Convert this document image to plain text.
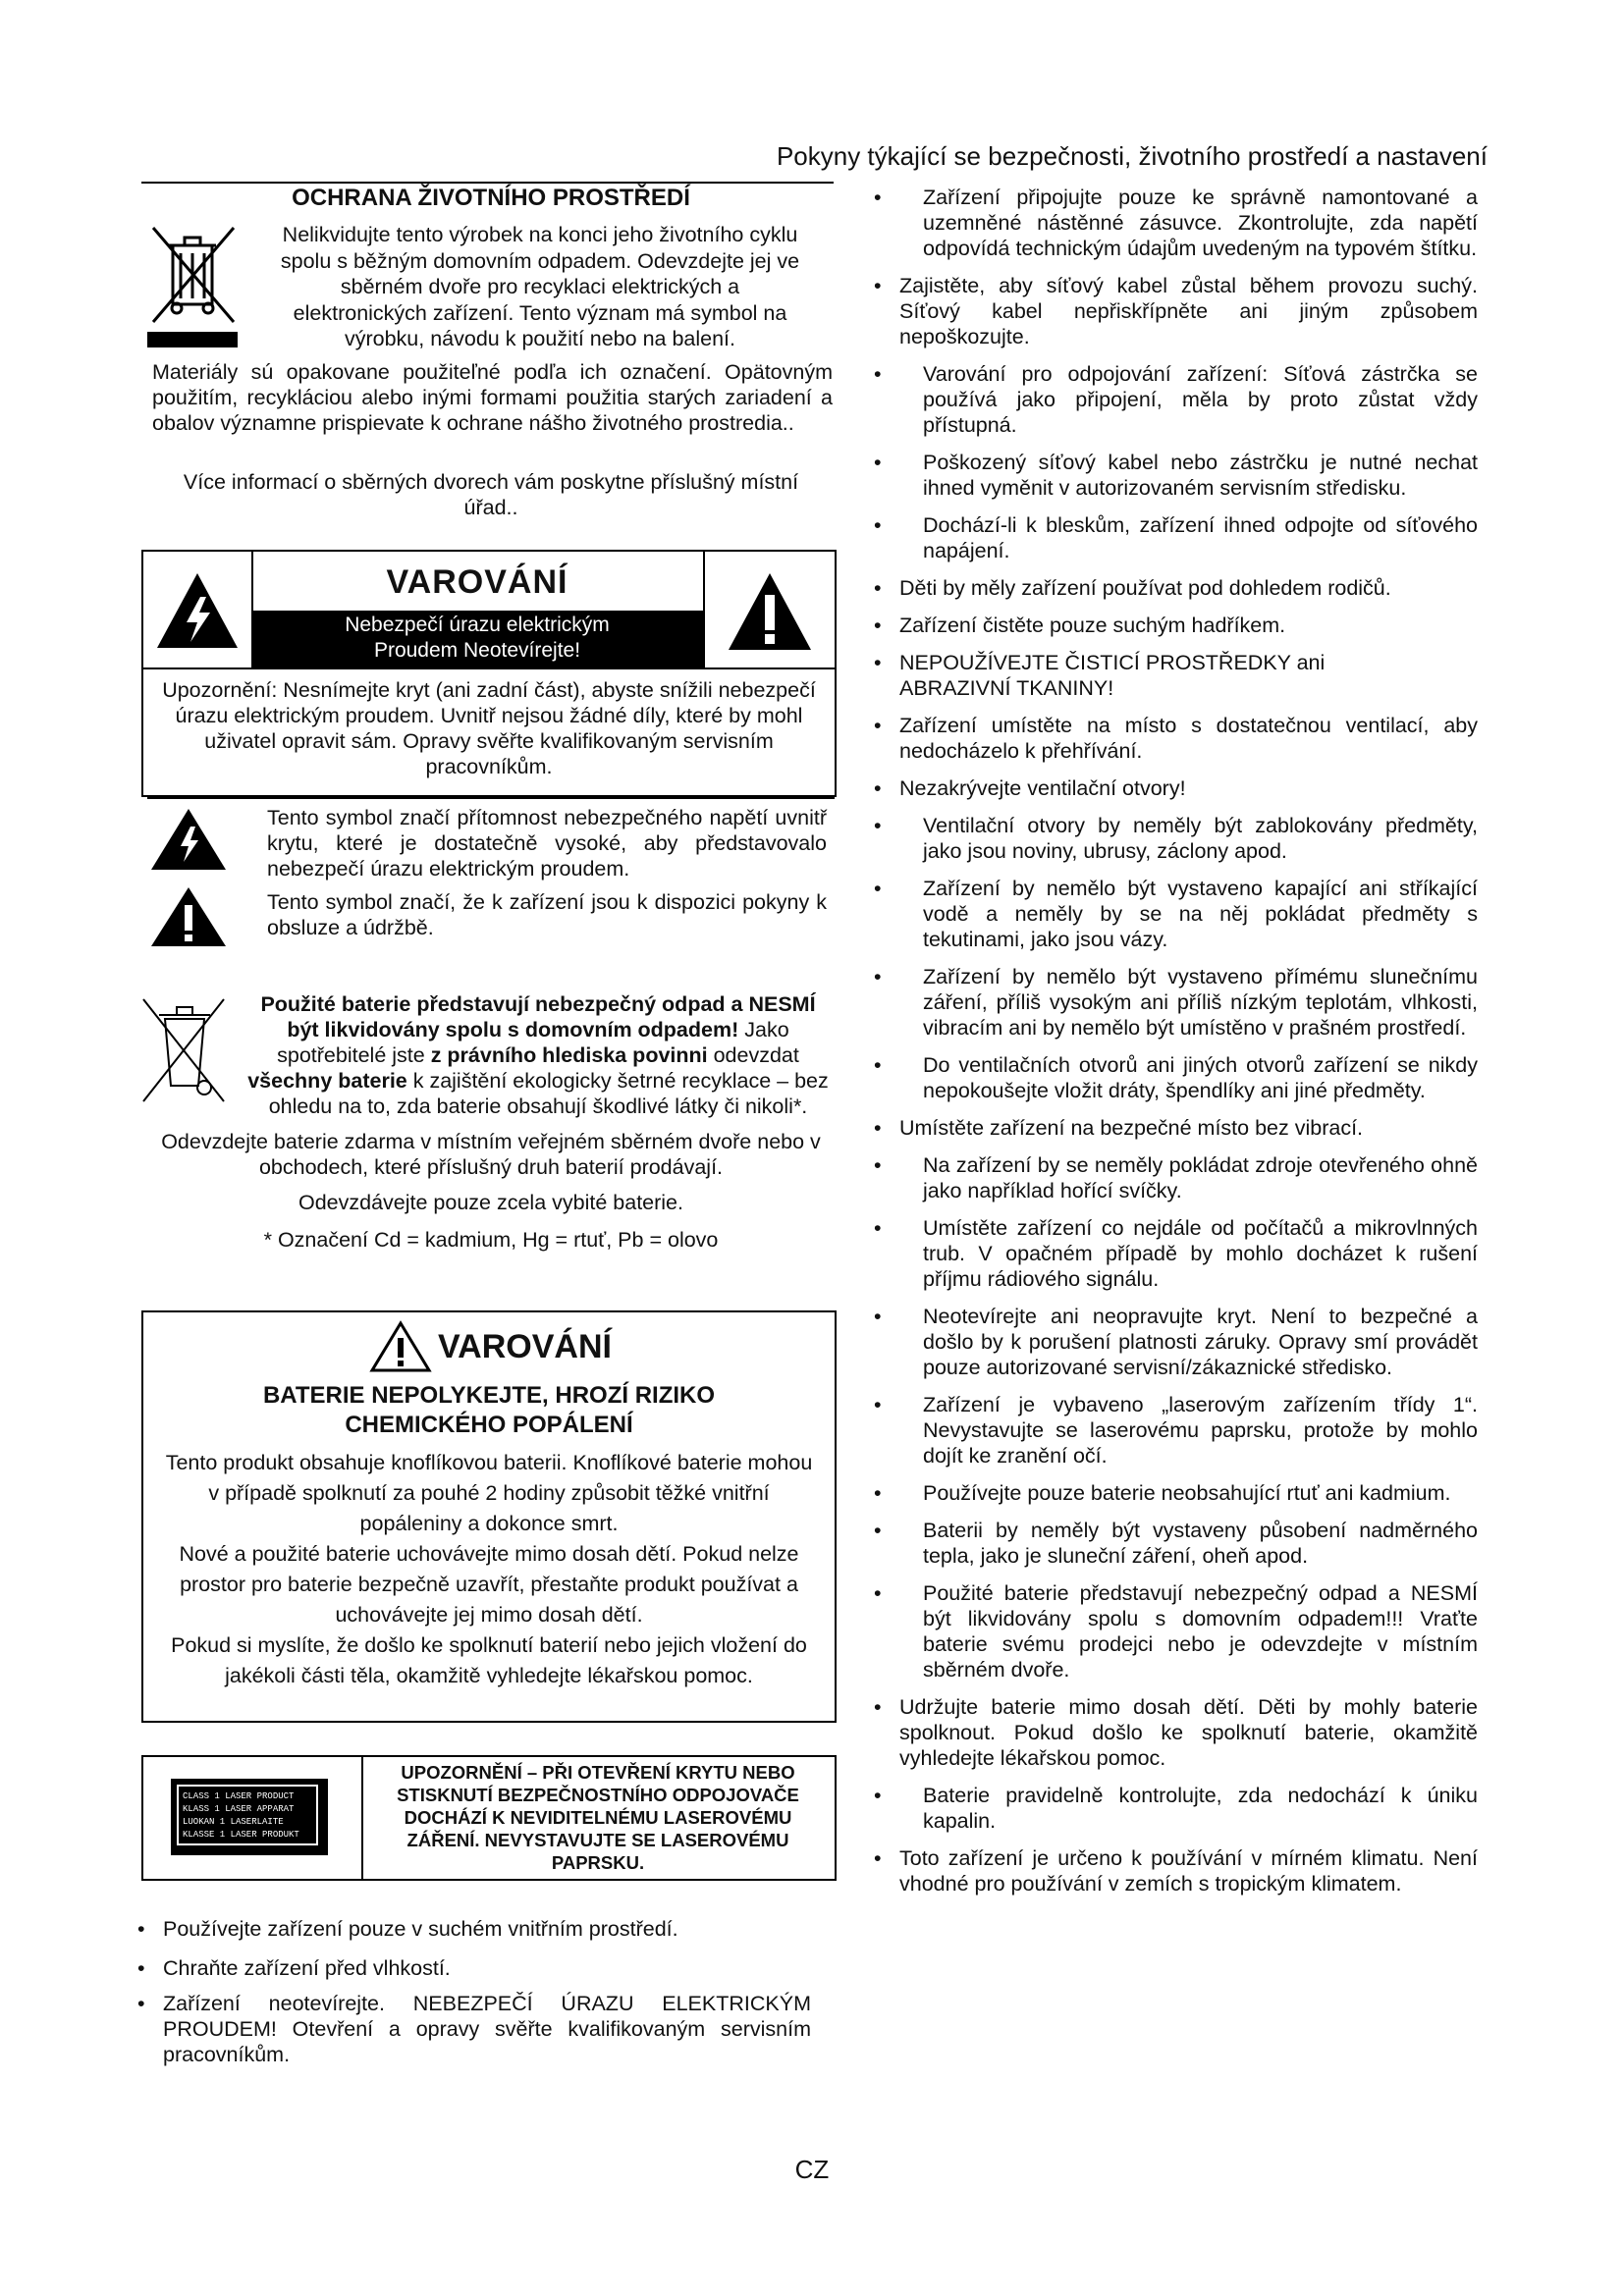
Pokyny týkající se bezpečnosti, životního prostředí a nastavení
OCHRANA ŽIVOTNÍHO PROSTŘEDÍ
Nelikvidujte tento výrobek na konci jeho životního cyklu
spolu s běžným domovním odpadem. Odevzdejte jej ve
sběrném dvoře pro recyklaci elektrických a
elektronických zařízení. Tento význam má symbol na
výrobku, návodu k použití nebo na balení.
Materiály sú opakovane použiteľné podľa ich označení. Opätovným použitím, recykláciou alebo inými formami použitia starých zariadení a obalov významne prispievate k ochrane nášho životného prostredia..
Více informací o sběrných dvorech vám poskytne příslušný místní úřad..
VAROVÁNÍ
Nebezpečí úrazu elektrickým
Proudem Neotevírejte!
Upozornění: Nesnímejte kryt (ani zadní část), abyste snížili nebezpečí úrazu elektrickým proudem. Uvnitř nejsou žádné díly, které by mohl uživatel opravit sám. Opravy svěřte kvalifikovaným servisním pracovníkům.
Tento symbol značí přítomnost nebezpečného napětí uvnitř krytu, které je dostatečně vysoké, aby představovalo nebezpečí úrazu elektrickým proudem.
Tento symbol značí, že k zařízení jsou k dispozici pokyny k obsluze a údržbě.
Použité baterie představují nebezpečný odpad a NESMÍ být likvidovány spolu s domovním odpadem! Jako spotřebitelé jste z právního hlediska povinni odevzdat všechny baterie k zajištění ekologicky šetrné recyklace – bez ohledu na to, zda baterie obsahují škodlivé látky či nikoli*.
Odevzdejte baterie zdarma v místním veřejném sběrném dvoře nebo v obchodech, které příslušný druh baterií prodávají.
Odevzdávejte pouze zcela vybité baterie.
* Označení Cd = kadmium, Hg = rtuť, Pb = olovo
VAROVÁNÍ
BATERIE NEPOLYKEJTE, HROZÍ RIZIKO
CHEMICKÉHO POPÁLENÍ
Tento produkt obsahuje knoflíkovou baterii. Knoflíkové baterie mohou v případě spolknutí za pouhé 2 hodiny způsobit těžké vnitřní popáleniny a dokonce smrt.
Nové a použité baterie uchovávejte mimo dosah dětí. Pokud nelze prostor pro baterie bezpečně uzavřít, přestaňte produkt používat a uchovávejte jej mimo dosah dětí.
Pokud si myslíte, že došlo ke spolknutí baterií nebo jejich vložení do jakékoli části těla, okamžitě vyhledejte lékařskou pomoc.
CLASS 1 LASER PRODUCT
KLASS 1 LASER APPARAT
LUOKAN 1 LASERLAITE
KLASSE 1 LASER PRODUKT
UPOZORNĚNÍ – PŘI OTEVŘENÍ KRYTU NEBO STISKNUTÍ BEZPEČNOSTNÍHO ODPOJOVAČE DOCHÁZÍ K NEVIDITELNÉMU LASEROVÉMU ZÁŘENÍ. NEVYSTAVUJTE SE LASEROVÉMU PAPRSKU.
• Používejte zařízení pouze v suchém vnitřním prostředí.
• Chraňte zařízení před vlhkostí.
• Zařízení neotevírejte. NEBEZPEČÍ ÚRAZU ELEKTRICKÝM PROUDEM! Otevření a opravy svěřte kvalifikovaným servisním pracovníkům.
• Zařízení připojujte pouze ke správně namontované a uzemněné nástěnné zásuvce. Zkontrolujte, zda napětí odpovídá technickým údajům uvedeným na typovém štítku.
• Zajistěte, aby síťový kabel zůstal během provozu suchý. Síťový kabel nepřiskřípněte ani jiným způsobem nepoškozujte.
• Varování pro odpojování zařízení: Síťová zástrčka se používá jako připojení, měla by proto zůstat vždy přístupná.
• Poškozený síťový kabel nebo zástrčku je nutné nechat ihned vyměnit v autorizovaném servisním středisku.
• Dochází-li k bleskům, zařízení ihned odpojte od síťového napájení.
• Děti by měly zařízení používat pod dohledem rodičů.
• Zařízení čistěte pouze suchým hadříkem.
• NEPOUŽÍVEJTE ČISTICÍ PROSTŘEDKY ani ABRAZIVNÍ TKANINY!
• Zařízení umístěte na místo s dostatečnou ventilací, aby nedocházelo k přehřívání.
• Nezakrývejte ventilační otvory!
• Ventilační otvory by neměly být zablokovány předměty, jako jsou noviny, ubrusy, záclony apod.
• Zařízení by nemělo být vystaveno kapající ani stříkající vodě a neměly by se na něj pokládat předměty s tekutinami, jako jsou vázy.
• Zařízení by nemělo být vystaveno přímému slunečnímu záření, příliš vysokým ani příliš nízkým teplotám, vlhkosti, vibracím ani by nemělo být umístěno v prašném prostředí.
• Do ventilačních otvorů ani jiných otvorů zařízení se nikdy nepokoušejte vložit dráty, špendlíky ani jiné předměty.
• Umístěte zařízení na bezpečné místo bez vibrací.
• Na zařízení by se neměly pokládat zdroje otevřeného ohně jako například hořící svíčky.
• Umístěte zařízení co nejdále od počítačů a mikrovlnných trub. V opačném případě by mohlo docházet k rušení příjmu rádiového signálu.
• Neotevírejte ani neopravujte kryt. Není to bezpečné a došlo by k porušení platnosti záruky. Opravy smí provádět pouze autorizované servisní/zákaznické středisko.
• Zařízení je vybaveno „laserovým zařízením třídy 1“. Nevystavujte se laserovému paprsku, protože by mohlo dojít ke zranění očí.
• Používejte pouze baterie neobsahující rtuť ani kadmium.
• Baterii by neměly být vystaveny působení nadměrného tepla, jako je sluneční záření, oheň apod.
• Použité baterie představují nebezpečný odpad a NESMÍ být likvidovány spolu s domovním odpadem!!! Vraťte baterie svému prodejci nebo je odevzdejte v místním sběrném dvoře.
• Udržujte baterie mimo dosah dětí. Děti by mohly baterie spolknout. Pokud došlo ke spolknutí baterie, okamžitě vyhledejte lékařskou pomoc.
• Baterie pravidelně kontrolujte, zda nedochází k úniku kapalin.
• Toto zařízení je určeno k používání v mírném klimatu. Není vhodné pro používání v zemích s tropickým klimatem.
CZ
